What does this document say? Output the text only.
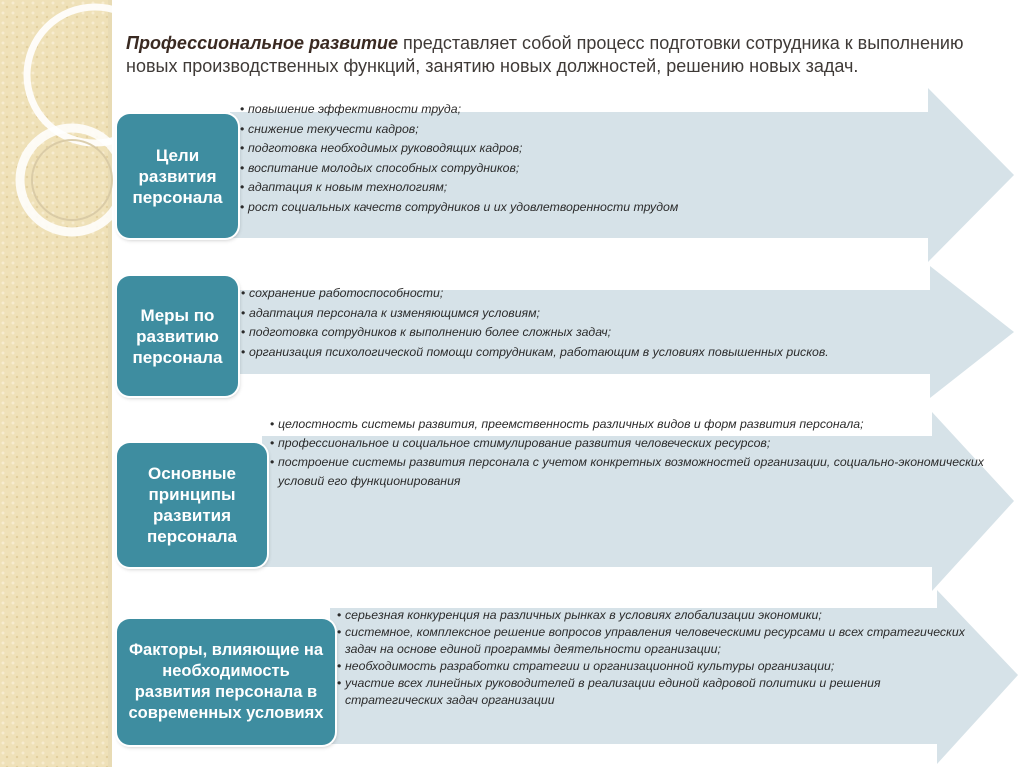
Профессиональное развитие представляет собой процесс подготовки сотрудника к выполнению новых производственных функций, занятию новых должностей, решению новых задач.

Цели развития персонала
Меры по развитию персонала
Основные принципы развития персонала
Факторы, влияющие на необходимость развития персонала в современных условиях
• повышение эффективности труда;
• снижение текучести кадров;
• подготовка необходимых руководящих кадров;
• воспитание молодых способных сотрудников;
• адаптация к новым технологиям;
• рост социальных качеств сотрудников и их удовлетворенности трудом
• сохранение работоспособности;
• адаптация персонала к изменяющимся условиям;
• подготовка сотрудников к выполнению более сложных задач;
• организация психологической помощи сотрудникам, работающим в условиях повышенных рисков.
• целостность системы развития, преемственность различных видов и форм развития персонала;
• профессиональное и социальное стимулирование развития человеческих ресурсов;
• построение системы развития персонала с учетом конкретных возможностей организации, социально-экономических условий его функционирования
• серьезная конкуренция на различных рынках в условиях глобализации экономики;
• системное, комплексное решение вопросов управления человеческими ресурсами и всех стратегических задач на основе единой программы деятельности организации;
• необходимость разработки стратегии и организационной культуры организации;
• участие всех линейных руководителей в реализации единой кадровой политики и решения стратегических задач организации
